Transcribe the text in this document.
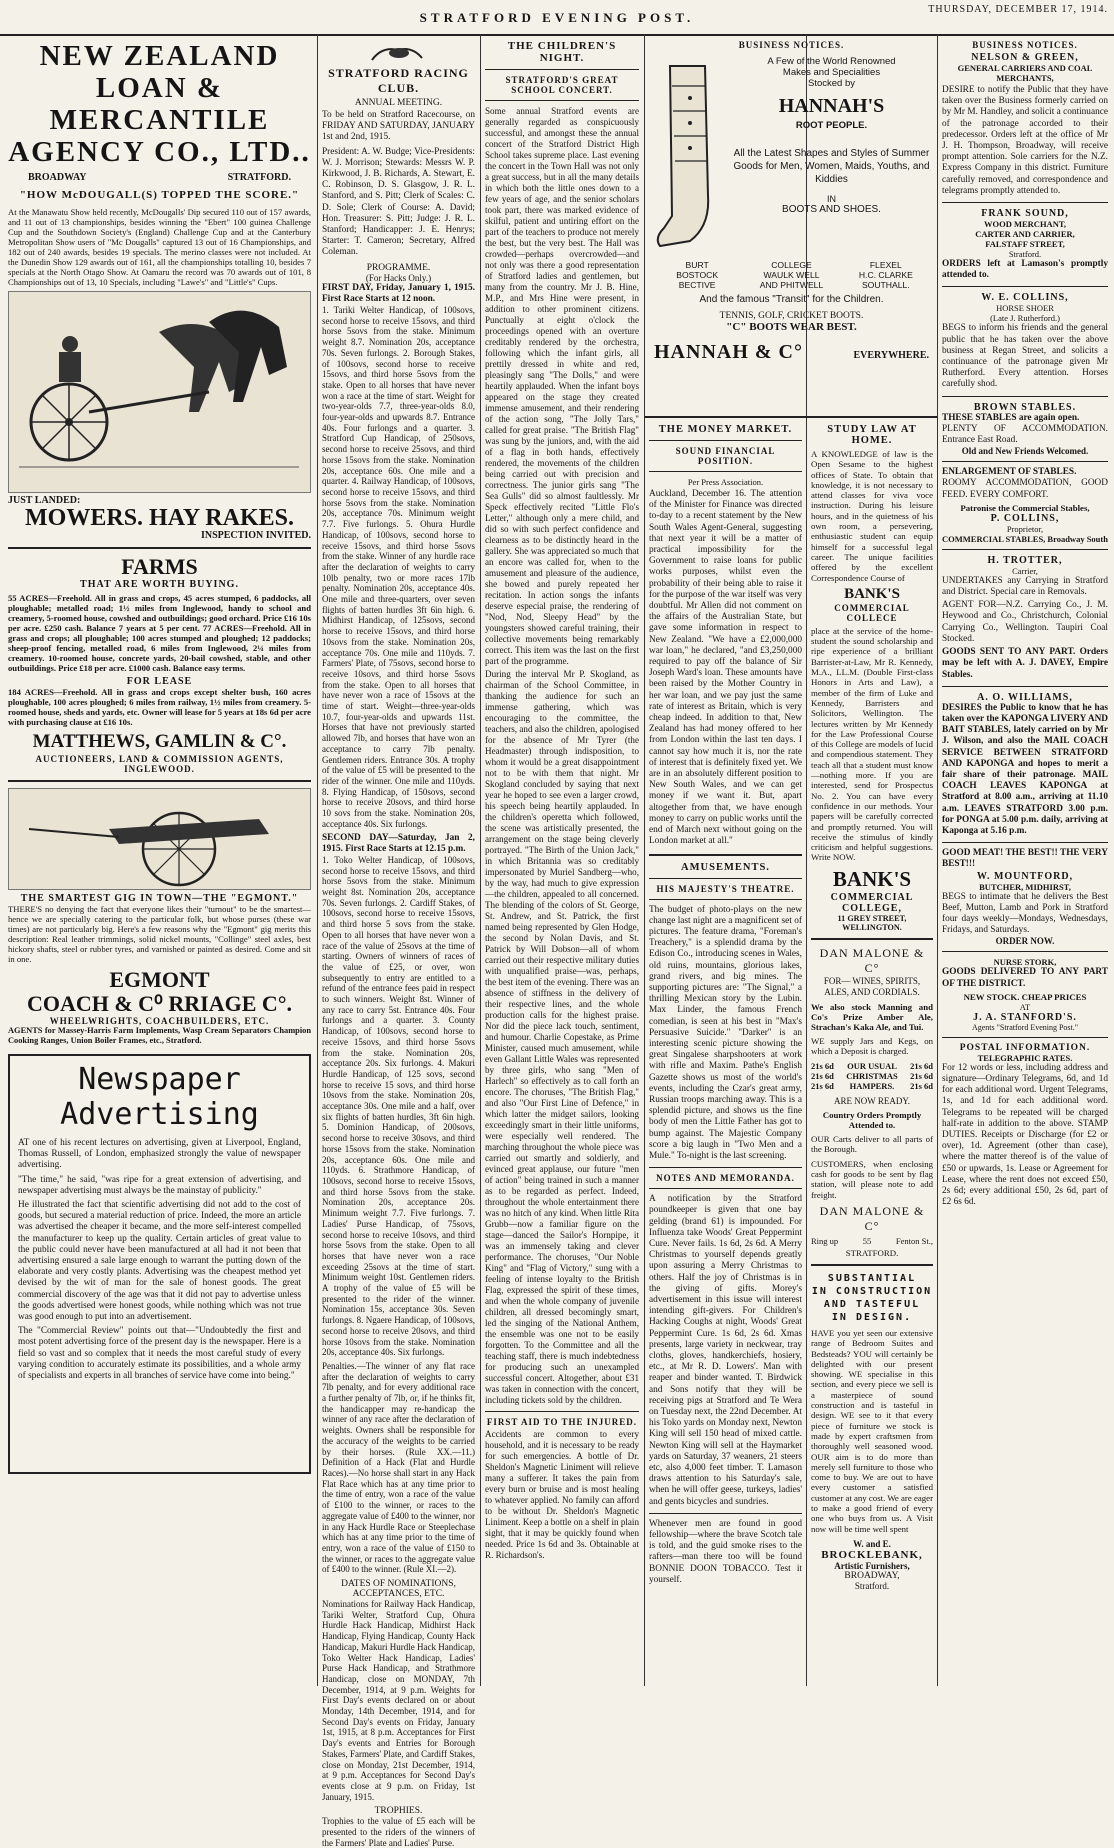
STRATFORD EVENING POST.
THURSDAY, DECEMBER 17, 1914.
NEW ZEALAND
LOAN & MERCANTILE
AGENCY CO., LTD..
BROADWAY	STRATFORD.
"HOW McDOUGALL(S) TOPPED THE SCORE."
At the Manawatu Show held recently, McDougalls' Dip secured 110 out of 157 awards, and 11 out of 13 championships, besides winning the "Ebert" 100 guinea Challenge Cup and the Southdown Society's (England) Challenge Cup and at the Canterbury Metropolitan Show users of "Mc Dougalls" captured 13 out of 16 Championships, and 182 out of 240 awards, besides 19 specials. The merino classes were not included. At the Dunedin Show 129 awards out of 161, all the championships totalling 10, besides 7 specials at the North Otago Show. At Oamaru the record was 70 awards out of 101, 8 Championships out of 13, 10 Specials, including "Lawe's" and "Little's" Cups.
JUST LANDED:
MOWERS. HAY RAKES.
INSPECTION INVITED.
FARMS
THAT ARE WORTH BUYING.
55 ACRES—Freehold. All in grass and crops, 45 acres stumped, 6 paddocks, all ploughable; metalled road; 1½ miles from Inglewood, handy to school and creamery, 5-roomed house, cowshed and outbuildings; good orchard. Price £16 10s per acre. £250 cash. Balance 7 years at 5 per cent. 77 ACRES—Freehold. All in grass and crops; all ploughable; 100 acres stumped and ploughed; 12 paddocks; sheep-proof fencing, metalled road, 6 miles from Inglewood, 2¼ miles from creamery. 10-roomed house, concrete yards, 20-bail cowshed, stable, and other outbuildings. Price £18 per acre. £1000 cash. Balance easy terms.
FOR LEASE
184 ACRES—Freehold. All in grass and crops except shelter bush, 160 acres ploughable, 100 acres ploughed; 6 miles from railway, 1½ miles from creamery. 5-roomed house, sheds and yards, etc. Owner will lease for 5 years at 18s 6d per acre with purchasing clause at £16 10s.
MATTHEWS, GAMLIN & C°.
AUCTIONEERS, LAND & COMMISSION AGENTS,
INGLEWOOD.
THE SMARTEST GIG IN TOWN—THE "EGMONT."
THERE'S no denying the fact that everyone likes their "turnout" to be the smartest—hence we are specially catering to the particular folk, but whose purses (these war times) are not particularly big. Here's a few reasons why the "Egmont" gig merits this description: Real leather trimmings, solid nickel mounts, "Collinge" steel axles, best hickory shafts, steel or rubber tyres, and varnished or painted as desired. Come and sit in one.
EGMONT
COACH & C⁰ RRIAGE C°.
WHEELWRIGHTS, COACHBUILDERS, ETC.
AGENTS for Massey-Harris Farm Implements, Wasp Cream Separators Champion Cooking Ranges, Union Boiler Frames, etc., Stratford.
Newspaper
Advertising
AT one of his recent lectures on advertising, given at Liverpool, England, Thomas Russell, of London, emphasized strongly the value of newspaper advertising.
"The time," he said, "was ripe for a great extension of advertising, and newspaper advertising must always be the mainstay of publicity."
He illustrated the fact that scientific advertising did not add to the cost of goods, but secured a material reduction of price. Indeed, the more an article was advertised the cheaper it became, and the more self-interest compelled the manufacturer to keep up the quality. Certain articles of great value to the public could never have been manufactured at all had it not been that advertising ensured a sale large enough to warrant the putting down of the elaborate and very costly plants. Advertising was the cheapest method yet devised by the wit of man for the sale of honest goods. The great commercial discovery of the age was that it did not pay to advertise unless the goods advertised were honest goods, while nothing which was not true was good enough to put into an advertisement.
The "Commercial Review" points out that—"Undoubtedly the first and most potent advertising force of the present day is the newspaper. Here is a field so vast and so complex that it needs the most careful study of every varying condition to accurately estimate its possibilities, and a whole army of specialists and experts in all branches of service have come into being."
STRATFORD RACING CLUB.
ANNUAL MEETING.
To be held on Stratford Racecourse, on FRIDAY AND SATURDAY, JANUARY 1st and 2nd, 1915.
President: A. W. Budge; Vice-Presidents: W. J. Morrison; Stewards: Messrs W. P. Kirkwood, J. B. Richards, A. Stewart, E. C. Robinson, D. S. Glasgow, J. R. L. Stanford, and S. Pitt; Clerk of Scales: C. D. Sole; Clerk of Course: A. David; Hon. Treasurer: S. Pitt; Judge: J. R. L. Stanford; Handicapper: J. E. Henrys; Starter: T. Cameron; Secretary, Alfred Coleman.
PROGRAMME.
(For Hacks Only.)
FIRST DAY, Friday, January 1, 1915. First Race Starts at 12 noon.
1. Tariki Welter Handicap, of 100sovs, second horse to receive 15sovs, and third horse 5sovs from the stake. Minimum weight 8.7. Nomination 20s, acceptance 70s. Seven furlongs. 2. Borough Stakes, of 100sovs, second horse to receive 15sovs, and third horse 5sovs from the stake. Open to all horses that have never won a race at the time of start. Weight for two-year-olds 7.7, three-year-olds 8.0, four-year-olds and upwards 8.7. Entrance 40s. Four furlongs and a quarter. 3. Stratford Cup Handicap, of 250sovs, second horse to receive 25sovs, and third horse 15sovs from the stake. Nomination 20s, acceptance 60s. One mile and a quarter. 4. Railway Handicap, of 100sovs, second horse to receive 15sovs, and third horse 5sovs from the stake. Nomination 20s, acceptance 70s. Minimum weight 7.7. Five furlongs. 5. Ohura Hurdle Handicap, of 100sovs, second horse to receive 15sovs, and third horse 5sovs from the stake. Winner of any hurdle race after the declaration of weights to carry 10lb penalty, two or more races 17lb penalty. Nomination 20s, acceptance 40s. One mile and three-quarters, over seven flights of batten hurdles 3ft 6in high. 6. Midhirst Handicap, of 125sovs, second horse to receive 15sovs, and third horse 10sovs from the stake. Nomination 20s, acceptance 70s. One mile and 110yds. 7. Farmers' Plate, of 75sovs, second horse to receive 10sovs, and third horse 5sovs from the stake. Open to all horses that have never won a race of 15sovs at the time of start. Weight—three-year-olds 10.7, four-year-olds and upwards 11st. Horses that have not previously started allowed 7lb, and horses that have won an acceptance to carry 7lb penalty. Gentlemen riders. Entrance 30s. A trophy of the value of £5 will be presented to the rider of the winner. One mile and 110yds. 8. Flying Handicap, of 150sovs, second horse to receive 20sovs, and third horse 10 sovs from the stake. Nomination 20s, acceptance 40s. Six furlongs.
SECOND DAY—Saturday, Jan 2, 1915. First Race Starts at 12.15 p.m.
1. Toko Welter Handicap, of 100sovs, second horse to receive 15sovs, and third horse 5sovs from the stake. Minimum weight 8st. Nomination 20s, acceptance 70s. Seven furlongs. 2. Cardiff Stakes, of 100sovs, second horse to receive 15sovs, and third horse 5 sovs from the stake. Open to all horses that have never won a race of the value of 25sovs at the time of starting. Owners of winners of races of the value of £25, or over, won subsequently to entry are entitled to a refund of the entrance fees paid in respect to such winners. Weight 8st. Winner of any race to carry 5st. Entrance 40s. Four furlongs and a quarter. 3. County Handicap, of 100sovs, second horse to receive 15sovs, and third horse 5sovs from the stake. Nomination 20s, acceptance 20s. Six furlongs. 4. Makuri Hurdle Handicap, of 125 sovs, second horse to receive 15 sovs, and third horse 10sovs from the stake. Nomination 20s, acceptance 30s. One mile and a half, over six flights of batten hurdles, 3ft 6in high. 5. Dominion Handicap, of 200sovs, second horse to receive 30sovs, and third horse 15sovs from the stake. Nomination 20s, acceptance 60s. One mile and 110yds. 6. Strathmore Handicap, of 100sovs, second horse to receive 15sovs, and third horse 5sovs from the stake. Nomination 20s, acceptance 20s. Minimum weight 7.7. Five furlongs. 7. Ladies' Purse Handicap, of 75sovs, second horse to receive 10sovs, and third horse 5sovs from the stake. Open to all horses that have never won a race exceeding 25sovs at the time of start. Minimum weight 10st. Gentlemen riders. A trophy of the value of £5 will be presented to the rider of the winner. Nomination 15s, acceptance 30s. Seven furlongs. 8. Ngaere Handicap, of 100sovs, second horse to receive 20sovs, and third horse 10sovs from the stake. Nomination 20s, acceptance 40s. Six furlongs.
Penalties.—The winner of any flat race after the declaration of weights to carry 7lb penalty, and for every additional race a further penalty of 7lb, or, if he thinks fit, the handicapper may re-handicap the winner of any race after the declaration of weights. Owners shall be responsible for the accuracy of the weights to be carried by their horses. (Rule XX.—11.) Definition of a Hack (Flat and Hurdle Races).—No horse shall start in any Hack Flat Race which has at any time prior to the time of entry, won a race of the value of £100 to the winner, or races to the aggregate value of £400 to the winner, nor in any Hack Hurdle Race or Steeplechase which has at any time prior to the time of entry, won a race of the value of £150 to the winner, or races to the aggregate value of £400 to the winner. (Rule XI.—2).
DATES OF NOMINATIONS, ACCEPTANCES, ETC.
Nominations for Railway Hack Handicap, Tariki Welter, Stratford Cup, Ohura Hurdle Hack Handicap, Midhirst Hack Handicap, Flying Handicap, County Hack Handicap, Makuri Hurdle Hack Handicap, Toko Welter Hack Handicap, Ladies' Purse Hack Handicap, and Strathmore Handicap, close on MONDAY, 7th December, 1914, at 9 p.m. Weights for First Day's events declared on or about Monday, 14th December, 1914, and for Second Day's events on Friday, January 1st, 1915, at 8 p.m. Acceptances for First Day's events and Entries for Borough Stakes, Farmers' Plate, and Cardiff Stakes, close on Monday, 21st December, 1914, at 9 p.m. Acceptances for Second Day's events close at 9 p.m. on Friday, 1st January, 1915.
TROPHIES.
Trophies to the value of £5 each will be presented to the riders of the winners of the Farmers' Plate and Ladies' Purse.
THE CHILDREN'S NIGHT.
STRATFORD'S GREAT SCHOOL CONCERT.
Some annual Stratford events are generally regarded as conspicuously successful, and amongst these the annual concert of the Stratford District High School takes supreme place. Last evening the concert in the Town Hall was not only a great success, but in all the many details in which both the little ones down to a few years of age, and the senior scholars took part, there was marked evidence of skilful, patient and untiring effort on the part of the teachers to produce not merely the best, but the very best. The Hall was crowded—perhaps overcrowded—and not only was there a good representation of Stratford ladies and gentlemen, but many from the country. Mr J. B. Hine, M.P., and Mrs Hine were present, in addition to other prominent citizens. Punctually at eight o'clock the proceedings opened with an overture creditably rendered by the orchestra, following which the infant girls, all prettily dressed in white and red, pleasingly sang "The Dolls," and were heartily applauded. When the infant boys appeared on the stage they created immense amusement, and their rendering of the action song, "The Jolly Tars," called for great praise. "The British Flag" was sung by the juniors, and, with the aid of a flag in both hands, effectively rendered, the movements of the children being carried out with precision and correctness. The junior girls sang "The Sea Gulls" did so almost faultlessly. Mr Speck effectively recited "Little Flo's Letter," although only a mere child, and did so with such perfect confidence and clearness as to be distinctly heard in the gallery. She was appreciated so much that an encore was called for, when to the amusement and pleasure of the audience, she bowed and purely repeated her recitation. In action songs the infants deserve especial praise, the rendering of "Nod, Nod, Sleepy Head" by the youngsters showed careful training, their collective movements being remarkably correct. This item was the last on the first part of the programme.
During the interval Mr P. Skogland, as chairman of the School Committee, in thanking the audience for such an immense gathering, which was encouraging to the committee, the teachers, and also the children, apologised for the absence of Mr Tyrer (the Headmaster) through indisposition, to whom it would be a great disappointment not to be with them that night. Mr Skogland concluded by saying that next year he hoped to see even a larger crowd, his speech being heartily applauded. In the children's operetta which followed, the scene was artistically presented, the arrangement on the stage being cleverly portrayed. "The Birth of the Union Jack," in which Britannia was so creditably impersonated by Muriel Sandberg—who, by the way, had much to give expression—the children, appealed to all concerned. The blending of the colors of St. George, St. Andrew, and St. Patrick, the first named being represented by Glen Hodge, the second by Nolan Davis, and St. Patrick by Will Dobson—all of whom carried out their respective military duties with unqualified praise—was, perhaps, the best item of the evening. There was an absence of stiffness in the delivery of their respective lines, and the whole production calls for the highest praise. Nor did the piece lack touch, sentiment, and humour. Charlie Copestake, as Prime Minister, caused much amusement, while even Gallant Little Wales was represented by three girls, who sang "Men of Harlech" so effectively as to call forth an encore. The choruses, "The British Flag," and also "Our First Line of Defence," in which latter the midget sailors, looking exceedingly smart in their little uniforms, were especially well rendered. The marching throughout the whole piece was carried out smartly and soldierly, and evinced great applause, our future "men of action" being trained in such a manner as to be regarded as perfect. Indeed, throughout the whole entertainment there was no hitch of any kind. When little Rita Grubb—now a familiar figure on the stage—danced the Sailor's Hornpipe, it was an immensely taking and clever performance. The choruses, "Our Noble King" and "Flag of Victory," sung with a feeling of intense loyalty to the British Flag, expressed the spirit of these times, and when the whole company of juvenile children, all dressed becomingly smart, led the singing of the National Anthem, the ensemble was one not to be easily forgotten. To the Committee and all the teaching staff, there is much indebtedness for producing such an unexampled successful concert. Altogether, about £31 was taken in connection with the concert, including tickets sold by the children.
FIRST AID TO THE INJURED.
Accidents are common to every household, and it is necessary to be ready for such emergencies. A bottle of Dr. Sheldon's Magnetic Liniment will relieve many a sufferer. It takes the pain from every burn or bruise and is most healing to whatever applied. No family can afford to be without Dr. Sheldon's Magnetic Liniment. Keep a bottle on a shelf in plain sight, that it may be quickly found when needed. Price 1s 6d and 3s. Obtainable at R. Richardson's.
BUSINESS NOTICES.
A Few of the World Renowned
Makes and Specialities
Stocked by
HANNAH'S
ROOT PEOPLE.
All the Latest Shapes and Styles of Summer Goods for Men, Women, Maids, Youths, and Kiddies
IN
BOOTS AND SHOES.
BURT	COLLEGE	FLEXEL
BOSTOCK	WAULK WELL	H.C. CLARKE
BECTIVE	AND PHITWELL	SOUTHALL.
And the famous "Transit" for the Children.
TENNIS, GOLF, CRICKET BOOTS.
"C" BOOTS WEAR BEST.
HANNAH & C°	EVERYWHERE.
THE MONEY MARKET.
SOUND FINANCIAL POSITION.
Per Press Association.
Auckland, December 16. The attention of the Minister for Finance was directed to-day to a recent statement by the New South Wales Agent-General, suggesting that next year it will be a matter of practical impossibility for the Government to raise loans for public works purposes, whilst even the probability of their being able to raise it for the purpose of the war itself was very doubtful. Mr Allen did not comment on the affairs of the Australian State, but gave some information in respect to New Zealand. "We have a £2,000,000 war loan," he declared, "and £3,250,000 required to pay off the balance of Sir Joseph Ward's loan. These amounts have been raised by the Mother Country in her war loan, and we pay just the same rate of interest as Britain, which is very cheap indeed. In addition to that, New Zealand has had money offered to her from London within the last ten days. I cannot say how much it is, nor the rate of interest that is definitely fixed yet. We are in an absolutely different position to New South Wales, and we can get money if we want it. But, apart altogether from that, we have enough money to carry on public works until the end of March next without going on the London market at all."
AMUSEMENTS.
HIS MAJESTY'S THEATRE.
The budget of photo-plays on the new change last night are a magnificent set of pictures. The feature drama, "Foreman's Treachery," is a splendid drama by the Edison Co., introducing scenes in Wales, old ruins, mountains, glorious lakes, grand rivers, and big mines. The supporting pictures are: "The Signal," a thrilling Mexican story by the Lubin. Max Linder, the famous French comedian, is seen at his best in "Max's Persuasive Suicide." "Darker" is an interesting scenic picture showing the great Singalese sharpshooters at work with rifle and Maxim. Pathe's English Gazette shows us most of the world's events, including the Czar's great army, Russian troops marching away. This is a splendid picture, and shows us the fine body of men the Little Father has got to bump against. The Majestic Company score a big laugh in "Two Men and a Mule." To-night is the last screening.
NOTES AND MEMORANDA.
A notification by the Stratford poundkeeper is given that one bay gelding (brand 61) is impounded. For Influenza take Woods' Great Peppermint Cure. Never fails. 1s 6d, 2s 6d. A Merry Christmas to yourself depends greatly upon assuring a Merry Christmas to others. Half the joy of Christmas is in the giving of gifts. Morey's advertisement in this issue will interest intending gift-givers. For Children's Hacking Coughs at night, Woods' Great Peppermint Cure. 1s 6d, 2s 6d. Xmas presents, large variety in neckwear, tray cloths, gloves, handkerchiefs, hosiery, etc., at Mr R. D. Lowers'. Man with reaper and binder wanted. T. Birdwick and Sons notify that they will be receiving pigs at Stratford and Te Wera on Tuesday next, the 22nd December. At his Toko yards on Monday next, Newton King will sell 150 head of mixed cattle. Newton King will sell at the Haymarket yards on Saturday, 37 weaners, 21 steers etc, also 4,000 feet timber. T. Lamason draws attention to his Saturday's sale, when he will offer geese, turkeys, ladies' and gents bicycles and sundries.
Whenever men are found in good fellowship—where the brave Scotch tale is told, and the guid smoke rises to the rafters—man there too will be found BONNIE DOON TOBACCO. Test it yourself.
STUDY LAW AT HOME.
A KNOWLEDGE of law is the Open Sesame to the highest offices of State. To obtain that knowledge, it is not necessary to attend classes for viva voce instruction. During his leisure hours, and in the quietness of his own room, a persevering, enthusiastic student can equip himself for a successful legal career. The unique facilities offered by the excellent Correspondence Course of
BANK'S
COMMERCIAL COLLECE
place at the service of the home-student the sound scholarship and ripe experience of a brilliant Barrister-at-Law, Mr R. Kennedy, M.A., LL.M. (Double First-class Honors in Arts and Law), a member of the firm of Luke and Kennedy, Barristers and Solicitors, Wellington. The lectures written by Mr Kennedy for the Law Professional Course of this College are models of lucid and compendious statement. They teach all that a student must know—nothing more. If you are interested, send for Prospectus No. 2. You can have every confidence in our methods. Your papers will be carefully corrected and promptly returned. You will receive the stimulus of kindly criticism and helpful suggestions. Write NOW.
BANK'S
COMMERCIAL COLLEGE,
11 GREY STREET, WELLINGTON.
DAN MALONE & C°
FOR— WINES, SPIRITS, ALES, AND CORDIALS.
We also stock Manning and Co's Prize Amber Ale, Strachan's Kaka Ale, and Tui.
WE supply Jars and Kegs, on which a Deposit is charged.
21s 6d
21s 6d
21s 6d
OUR USUAL
CHRISTMAS
HAMPERS.
21s 6d
21s 6d
21s 6d
ARE NOW READY.
Country Orders Promptly Attended to.
OUR Carts deliver to all parts of the Borough.
CUSTOMERS, when enclosing cash for goods to be sent by flag station, will please note to add freight.
DAN MALONE & C°
Ring up	55	Fenton St.,
STRATFORD.
SUBSTANTIAL
IN CONSTRUCTION
AND TASTEFUL
IN DESIGN.
HAVE you yet seen our extensive range of Bedroom Suites and Bedsteads? YOU will certainly be delighted with our present showing. WE specialise in this section, and every piece we sell is a masterpiece of sound construction and is tasteful in design. WE see to it that every piece of furniture we stock is made by expert craftsmen from thoroughly well seasoned wood. OUR aim is to do more than merely sell furniture to those who come to buy. We are out to have every customer a satisfied customer at any cost. We are eager to make a good friend of every one who buys from us. A Visit now will be time well spent
W. and E.
BROCKLEBANK,
Artistic Furnishers,
BROADWAY,
Stratford.
BUSINESS NOTICES.
NELSON & GREEN,
GENERAL CARRIERS AND COAL MERCHANTS,
DESIRE to notify the Public that they have taken over the Business formerly carried on by Mr M. Handley, and solicit a continuance of the patronage accorded to their predecessor. Orders left at the office of Mr J. H. Thompson, Broadway, will receive prompt attention. Sole carriers for the N.Z. Express Company in this district. Furniture carefully removed, and correspondence and telegrams promptly attended to.
FRANK SOUND,
WOOD MERCHANT,
CARTER AND CARRIER,
FALSTAFF STREET,
Stratford.
ORDERS left at Lamason's promptly attended to.
W. E. COLLINS,
HORSE SHOER
(Late J. Rutherford.)
BEGS to inform his friends and the general public that he has taken over the above business at Regan Street, and solicits a continuance of the patronage given Mr Rutherford. Every attention. Horses carefully shod.
BROWN STABLES.
THESE STABLES are again open.
PLENTY OF ACCOMMODATION. Entrance East Road.
Old and New Friends Welcomed.
ENLARGEMENT OF STABLES.
ROOMY ACCOMMODATION, GOOD FEED. EVERY COMFORT.
Patronise the Commercial Stables,
P. COLLINS,
Proprietor,
COMMERCIAL STABLES, Broadway South
H. TROTTER,
Carrier,
UNDERTAKES any Carrying in Stratford and District. Special care in Removals.
AGENT FOR—N.Z. Carrying Co., J. M. Heywood and Co., Christchurch, Colonial Carrying Co., Wellington. Taupiri Coal Stocked.
GOODS SENT TO ANY PART. Orders may be left with A. J. DAVEY, Empire Stables.
A. O. WILLIAMS,
DESIRES the Public to know that he has taken over the KAPONGA LIVERY AND BAIT STABLES, lately carried on by Mr J. Wilson, and also the MAIL COACH SERVICE BETWEEN STRATFORD AND KAPONGA and hopes to merit a fair share of their patronage. MAIL COACH LEAVES KAPONGA at Stratford at 8.00 a.m., arriving at 11.10 a.m. LEAVES STRATFORD 3.00 p.m. for PONGA at 5.00 p.m. daily, arriving at Kaponga at 5.16 p.m.
GOOD MEAT! THE BEST!! THE VERY BEST!!!
W. MOUNTFORD,
BUTCHER, MIDHIRST,
BEGS to intimate that he delivers the Best Beef, Mutton, Lamb and Pork in Stratford four days weekly—Mondays, Wednesdays, Fridays, and Saturdays.
ORDER NOW.
NURSE STORK,
GOODS DELIVERED TO ANY PART OF THE DISTRICT.
NEW STOCK. CHEAP PRICES
AT
J. A. STANFORD'S.
Agents "Stratford Evening Post."
POSTAL INFORMATION.
TELEGRAPHIC RATES.
For 12 words or less, including address and signature—Ordinary Telegrams, 6d, and 1d for each additional word. Urgent Telegrams, 1s, and 1d for each additional word. Telegrams to be repeated will be charged half-rate in addition to the above. STAMP DUTIES. Receipts or Discharge (for £2 or over), 1d. Agreement (other than case), where the matter thereof is of the value of £50 or upwards, 1s. Lease or Agreement for Lease, where the rent does not exceed £50, 2s 6d; every additional £50, 2s 6d, part of £2 6s 6d.
